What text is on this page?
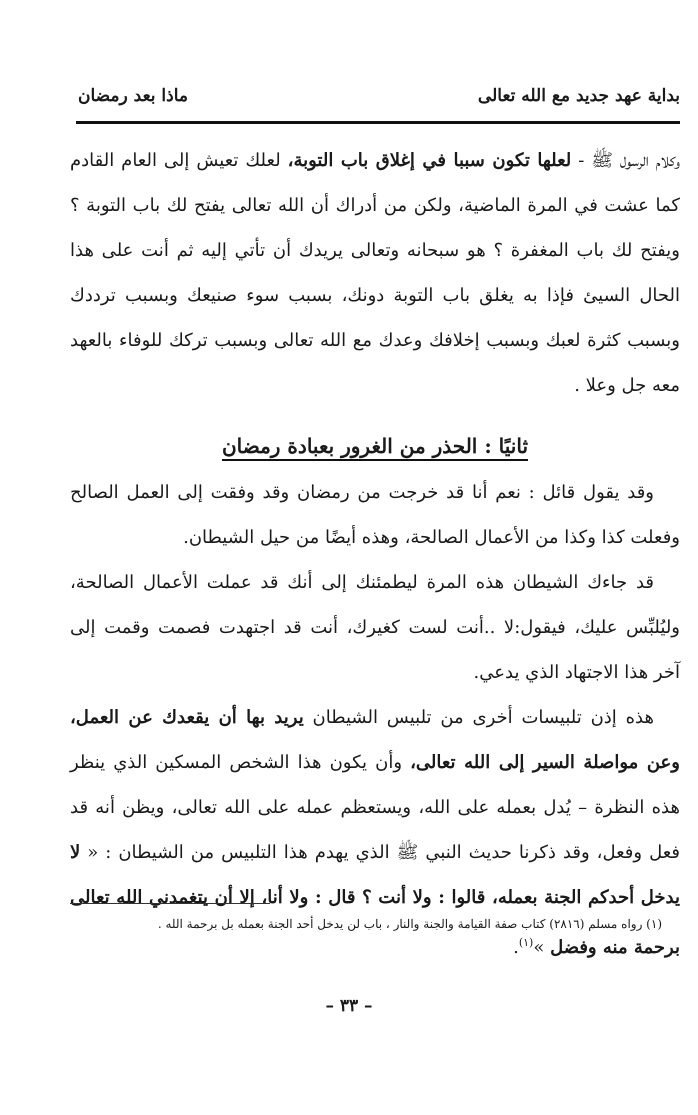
بداية عهد جديد مع الله تعالى
ماذا بعد رمضان

وكلام الرسول ﷺ - لعلها تكون سببا في إغلاق باب التوبة، لعلك تعيش إلى العام القادم كما عشت في المرة الماضية، ولكن من أدراك أن الله تعالى يفتح لك باب التوبة ؟ ويفتح لك باب المغفرة ؟ هو سبحانه وتعالى يريدك أن تأتي إليه ثم أنت على هذا الحال السيئ فإذا به يغلق باب التوبة دونك، بسبب سوء صنيعك وبسبب ترددك وبسبب كثرة لعبك وبسبب إخلافك وعدك مع الله تعالى وبسبب تركك للوفاء بالعهد معه جل وعلا .

ثانيًا : الحذر من الغرور بعبادة رمضان

وقد يقول قائل : نعم أنا قد خرجت من رمضان وقد وفقت إلى العمل الصالح وفعلت كذا وكذا من الأعمال الصالحة، وهذه أيضًا من حيل الشيطان.

قد جاءك الشيطان هذه المرة ليطمئنك إلى أنك قد عملت الأعمال الصالحة، وليُلبِّس عليك، فيقول:لا ..أنت لست كغيرك، أنت قد اجتهدت فصمت وقمت إلى آخر هذا الاجتهاد الذي يدعي.

هذه إذن تلبيسات أخرى من تلبيس الشيطان يريد بها أن يقعدك عن العمل، وعن مواصلة السير إلى الله تعالى، وأن يكون هذا الشخص المسكين الذي ينظر هذه النظرة – يُدل بعمله على الله، ويستعظم عمله على الله تعالى، ويظن أنه قد فعل وفعل، وقد ذكرنا حديث النبي ﷺ الذي يهدم هذا التلبيس من الشيطان : « لا يدخل أحدكم الجنة بعمله، قالوا : ولا أنت ؟ قال : ولا أنا، إلا أن يتغمدني الله تعالى برحمة منه وفضل »$^{(١)}$.

(١) رواه مسلم (٢٨١٦) كتاب صفة القيامة والجنة والنار ، باب لن يدخل أحد الجنة بعمله بل برحمة الله .
– ٣٣ –
